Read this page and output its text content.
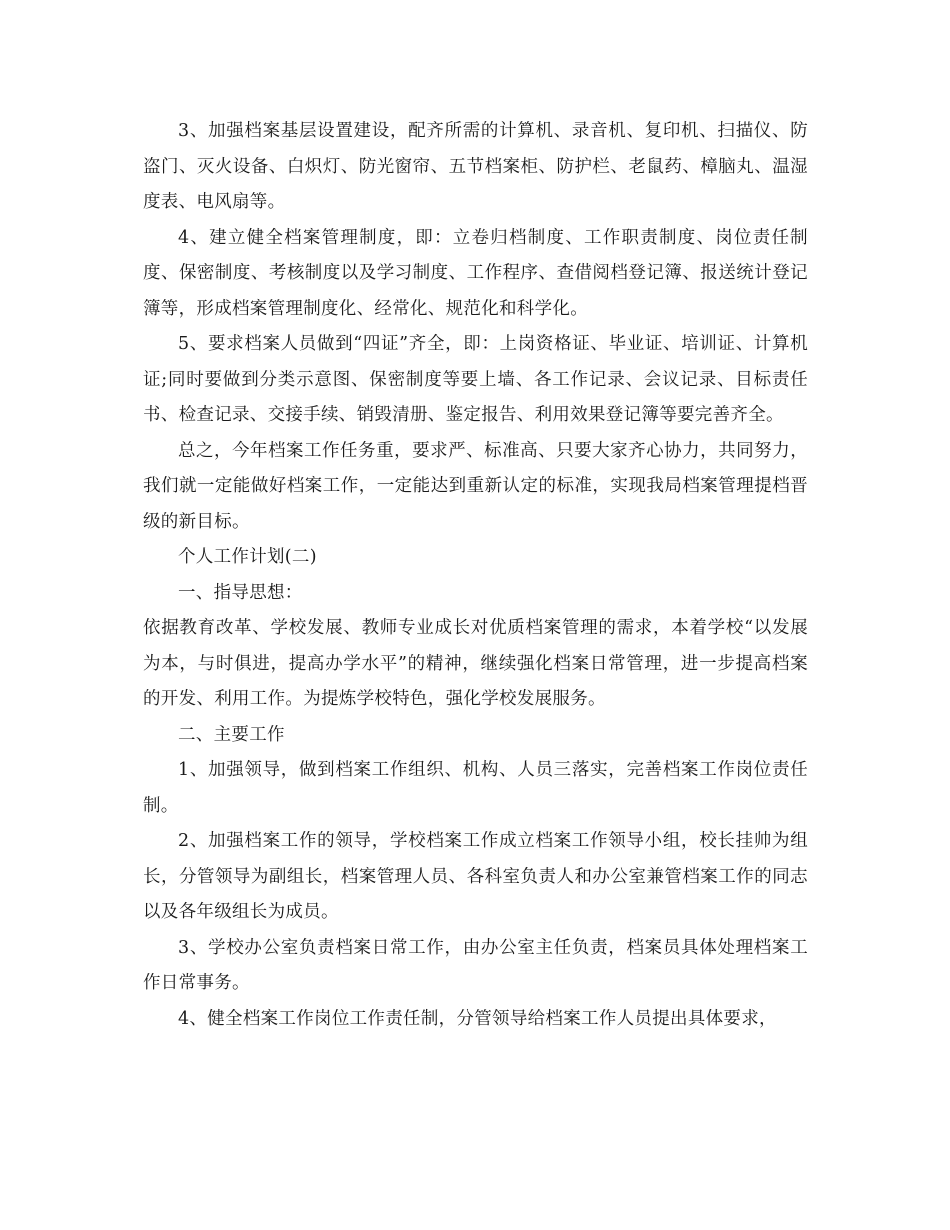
3、加强档案基层设置建设，配齐所需的计算机、录音机、复印机、扫描仪、防盗门、灭火设备、白炽灯、防光窗帘、五节档案柜、防护栏、老鼠药、樟脑丸、温湿度表、电风扇等。

4、建立健全档案管理制度，即：立卷归档制度、工作职责制度、岗位责任制度、保密制度、考核制度以及学习制度、工作程序、查借阅档登记簿、报送统计登记簿等，形成档案管理制度化、经常化、规范化和科学化。

5、要求档案人员做到“四证”齐全，即：上岗资格证、毕业证、培训证、计算机证;同时要做到分类示意图、保密制度等要上墙、各工作记录、会议记录、目标责任书、检查记录、交接手续、销毁清册、鉴定报告、利用效果登记簿等要完善齐全。

总之，今年档案工作任务重，要求严、标准高、只要大家齐心协力，共同努力，我们就一定能做好档案工作，一定能达到重新认定的标准，实现我局档案管理提档晋级的新目标。

个人工作计划(二)

一、指导思想：

依据教育改革、学校发展、教师专业成长对优质档案管理的需求，本着学校“以发展为本，与时俱进，提高办学水平”的精神，继续强化档案日常管理，进一步提高档案的开发、利用工作。为提炼学校特色，强化学校发展服务。

二、主要工作

1、加强领导，做到档案工作组织、机构、人员三落实，完善档案工作岗位责任制。

2、加强档案工作的领导，学校档案工作成立档案工作领导小组，校长挂帅为组长，分管领导为副组长，档案管理人员、各科室负责人和办公室兼管档案工作的同志以及各年级组长为成员。

3、学校办公室负责档案日常工作，由办公室主任负责，档案员具体处理档案工作日常事务。

4、健全档案工作岗位工作责任制，分管领导给档案工作人员提出具体要求，
